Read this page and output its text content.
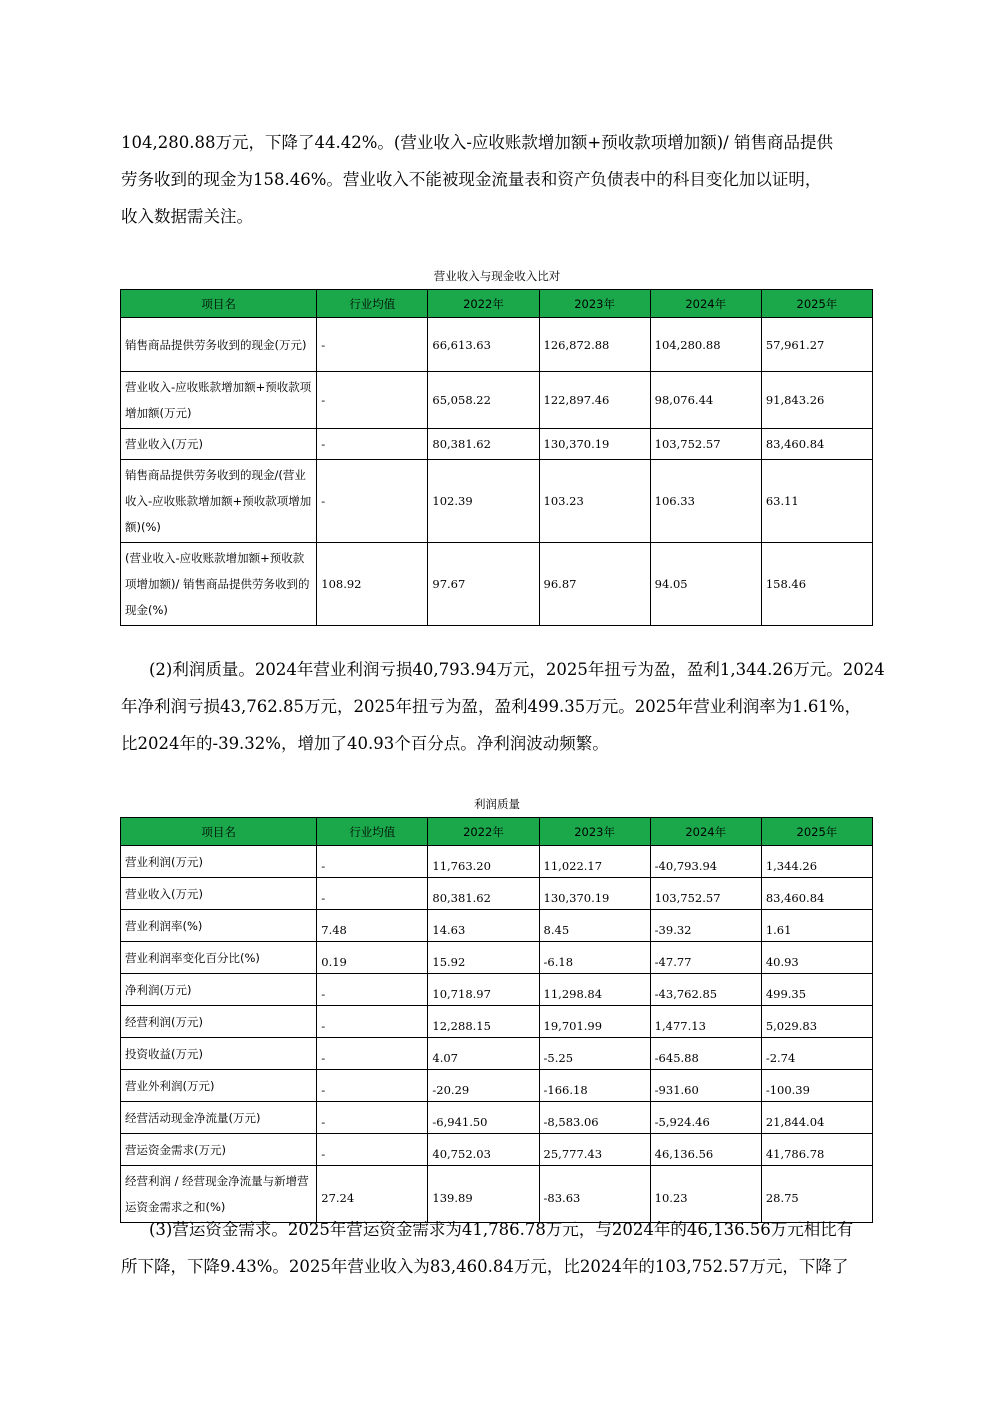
104,280.88万元，下降了44.42%。(营业收入-应收账款增加额+预收款项增加额)/ 销售商品提供
劳务收到的现金为158.46%。营业收入不能被现金流量表和资产负债表中的科目变化加以证明，
收入数据需关注。
营业收入与现金收入比对
项目名	行业均值	2022年	2023年	2024年	2025年
销售商品提供劳务收到的现金(万元)	-	66,613.63	126,872.88	104,280.88	57,961.27
营业收入-应收账款增加额+预收款项增加额(万元)	-	65,058.22	122,897.46	98,076.44	91,843.26
营业收入(万元)	-	80,381.62	130,370.19	103,752.57	83,460.84
销售商品提供劳务收到的现金/(营业收入-应收账款增加额+预收款项增加额)(%)	-	102.39	103.23	106.33	63.11
(营业收入-应收账款增加额+预收款项增加额)/ 销售商品提供劳务收到的现金(%)	108.92	97.67	96.87	94.05	158.46
(2)利润质量。2024年营业利润亏损40,793.94万元，2025年扭亏为盈，盈利1,344.26万元。2024
年净利润亏损43,762.85万元，2025年扭亏为盈，盈利499.35万元。2025年营业利润率为1.61%，
比2024年的-39.32%，增加了40.93个百分点。净利润波动频繁。
利润质量
项目名	行业均值	2022年	2023年	2024年	2025年
营业利润(万元)	-	11,763.20	11,022.17	-40,793.94	1,344.26
营业收入(万元)	-	80,381.62	130,370.19	103,752.57	83,460.84
营业利润率(%)	7.48	14.63	8.45	-39.32	1.61
营业利润率变化百分比(%)	0.19	15.92	-6.18	-47.77	40.93
净利润(万元)	-	10,718.97	11,298.84	-43,762.85	499.35
经营利润(万元)	-	12,288.15	19,701.99	1,477.13	5,029.83
投资收益(万元)	-	4.07	-5.25	-645.88	-2.74
营业外利润(万元)	-	-20.29	-166.18	-931.60	-100.39
经营活动现金净流量(万元)	-	-6,941.50	-8,583.06	-5,924.46	21,844.04
营运资金需求(万元)	-	40,752.03	25,777.43	46,136.56	41,786.78
经营利润 / 经营现金净流量与新增营运资金需求之和(%)	27.24	139.89	-83.63	10.23	28.75
(3)营运资金需求。2025年营运资金需求为41,786.78万元，与2024年的46,136.56万元相比有
所下降，下降9.43%。2025年营业收入为83,460.84万元，比2024年的103,752.57万元，下降了
